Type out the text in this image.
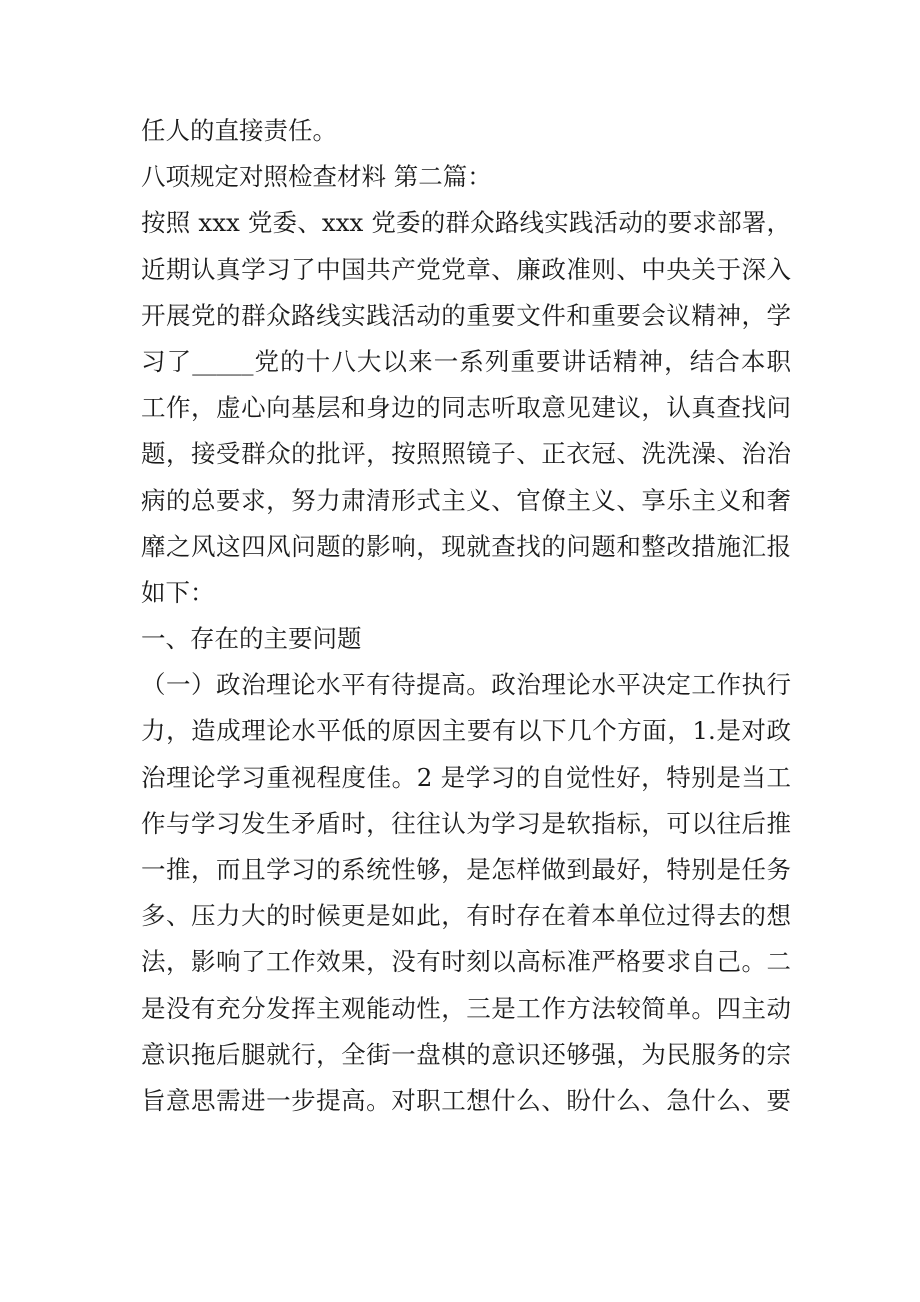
任人的直接责任。
八项规定对照检查材料 第二篇：
按照 xxx 党委、xxx 党委的群众路线实践活动的要求部署，
近期认真学习了中国共产党党章、廉政准则、中央关于深入
开展党的群众路线实践活动的重要文件和重要会议精神，学
习了_____党的十八大以来一系列重要讲话精神，结合本职
工作，虚心向基层和身边的同志听取意见建议，认真查找问
题，接受群众的批评，按照照镜子、正衣冠、洗洗澡、治治
病的总要求，努力肃清形式主义、官僚主义、享乐主义和奢
靡之风这四风问题的影响，现就查找的问题和整改措施汇报
如下：
一、存在的主要问题
（一）政治理论水平有待提高。政治理论水平决定工作执行
力，造成理论水平低的原因主要有以下几个方面，1.是对政
治理论学习重视程度佳。2 是学习的自觉性好，特别是当工
作与学习发生矛盾时，往往认为学习是软指标，可以往后推
一推，而且学习的系统性够，是怎样做到最好，特别是任务
多、压力大的时候更是如此，有时存在着本单位过得去的想
法，影响了工作效果，没有时刻以高标准严格要求自己。二
是没有充分发挥主观能动性，三是工作方法较简单。四主动
意识拖后腿就行，全街一盘棋的意识还够强，为民服务的宗
旨意思需进一步提高。对职工想什么、盼什么、急什么、要
